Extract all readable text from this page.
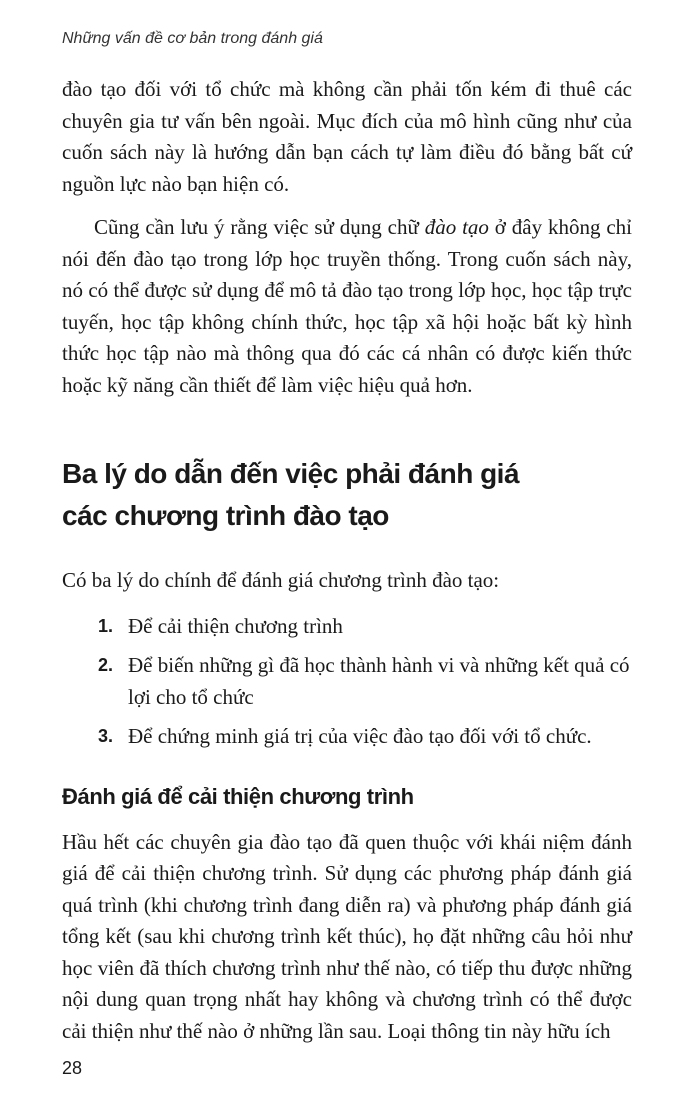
Những vấn đề cơ bản trong đánh giá

đào tạo đối với tổ chức mà không cần phải tốn kém đi thuê các chuyên gia tư vấn bên ngoài. Mục đích của mô hình cũng như của cuốn sách này là hướng dẫn bạn cách tự làm điều đó bằng bất cứ nguồn lực nào bạn hiện có.

Cũng cần lưu ý rằng việc sử dụng chữ đào tạo ở đây không chỉ nói đến đào tạo trong lớp học truyền thống. Trong cuốn sách này, nó có thể được sử dụng để mô tả đào tạo trong lớp học, học tập trực tuyến, học tập không chính thức, học tập xã hội hoặc bất kỳ hình thức học tập nào mà thông qua đó các cá nhân có được kiến thức hoặc kỹ năng cần thiết để làm việc hiệu quả hơn.

Ba lý do dẫn đến việc phải đánh giá
các chương trình đào tạo

Có ba lý do chính để đánh giá chương trình đào tạo:

1. Để cải thiện chương trình
2. Để biến những gì đã học thành hành vi và những kết quả có lợi cho tổ chức
3. Để chứng minh giá trị của việc đào tạo đối với tổ chức.
Đánh giá để cải thiện chương trình

Hầu hết các chuyên gia đào tạo đã quen thuộc với khái niệm đánh giá để cải thiện chương trình. Sử dụng các phương pháp đánh giá quá trình (khi chương trình đang diễn ra) và phương pháp đánh giá tổng kết (sau khi chương trình kết thúc), họ đặt những câu hỏi như học viên đã thích chương trình như thế nào, có tiếp thu được những nội dung quan trọng nhất hay không và chương trình có thể được cải thiện như thế nào ở những lần sau. Loại thông tin này hữu ích

28
